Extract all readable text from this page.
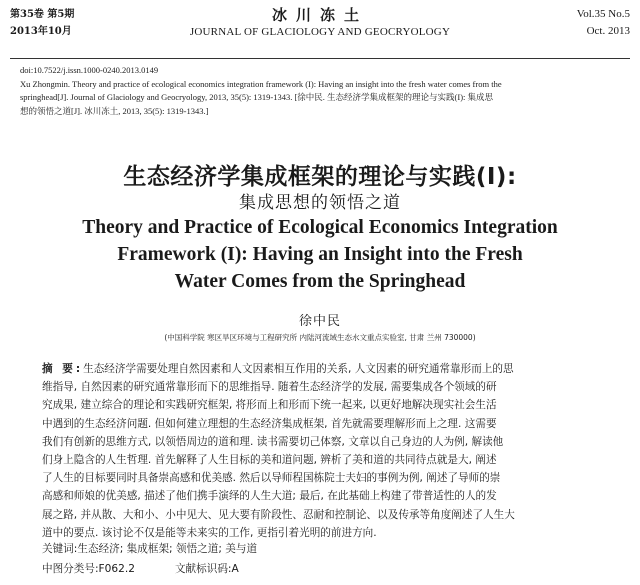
第35卷 第5期
2013年10月
冰川冻土
JOURNAL OF GLACIOLOGY AND GEOCRYOLOGY
Vol.35 No.5
Oct. 2013
doi:10.7522/j.issn.1000-0240.2013.0149
Xu Zhongmin. Theory and practice of ecological economics integration framework (I): Having an insight into the fresh water comes from the
springhead[J]. Journal of Glaciology and Geocryology, 2013, 35(5): 1319-1343. [徐中民. 生态经济学集成框架的理论与实践(I): 集成思
想的领悟之道[J]. 冰川冻土, 2013, 35(5): 1319-1343.]
生态经济学集成框架的理论与实践(I):
集成思想的领悟之道
Theory and Practice of Ecological Economics Integration
Framework (I): Having an Insight into the Fresh
Water Comes from the Springhead
徐中民
(中国科学院 寒区旱区环境与工程研究所 内陆河流域生态水文重点实验室, 甘肃 兰州 730000)
摘 要:生态经济学需要处理自然因素和人文因素相互作用的关系, 人文因素的研究通常靠形而上的思
维指导, 自然因素的研究通常靠形而下的思维指导. 随着生态经济学的发展, 需要集成各个领域的研
究成果, 建立综合的理论和实践研究框架, 将形而上和形而下统一起来, 以更好地解决现实社会生活
中遇到的生态经济问题. 但如何建立理想的生态经济集成框架, 首先就需要理解形而上之理. 这需要
我们有创新的思维方式, 以领悟周边的道和理. 读书需要切己体察, 文章以自己身边的人为例, 解读他
们身上隐含的人生哲理. 首先解释了人生目标的美和道问题, 辨析了美和道的共同待点就是大, 阐述
了人生的目标要同时具备崇高感和优美感. 然后以导师程国栋院士夫妇的事例为例, 阐述了导师的崇
高感和师娘的优美感, 描述了他们携手演绎的人生大道; 最后, 在此基础上构建了带普适性的人的发
展之路, 并从散、大和小、小中见大、见大要有阶段性、忍耐和控制论、以及传承等角度阐述了人生大
道中的要点. 该讨论不仅是能等未来实的工作, 更指引着光明的前进方向.
关键词:生态经济; 集成框架; 领悟之道; 美与道
中图分类号:F062.2	文献标识码:A
